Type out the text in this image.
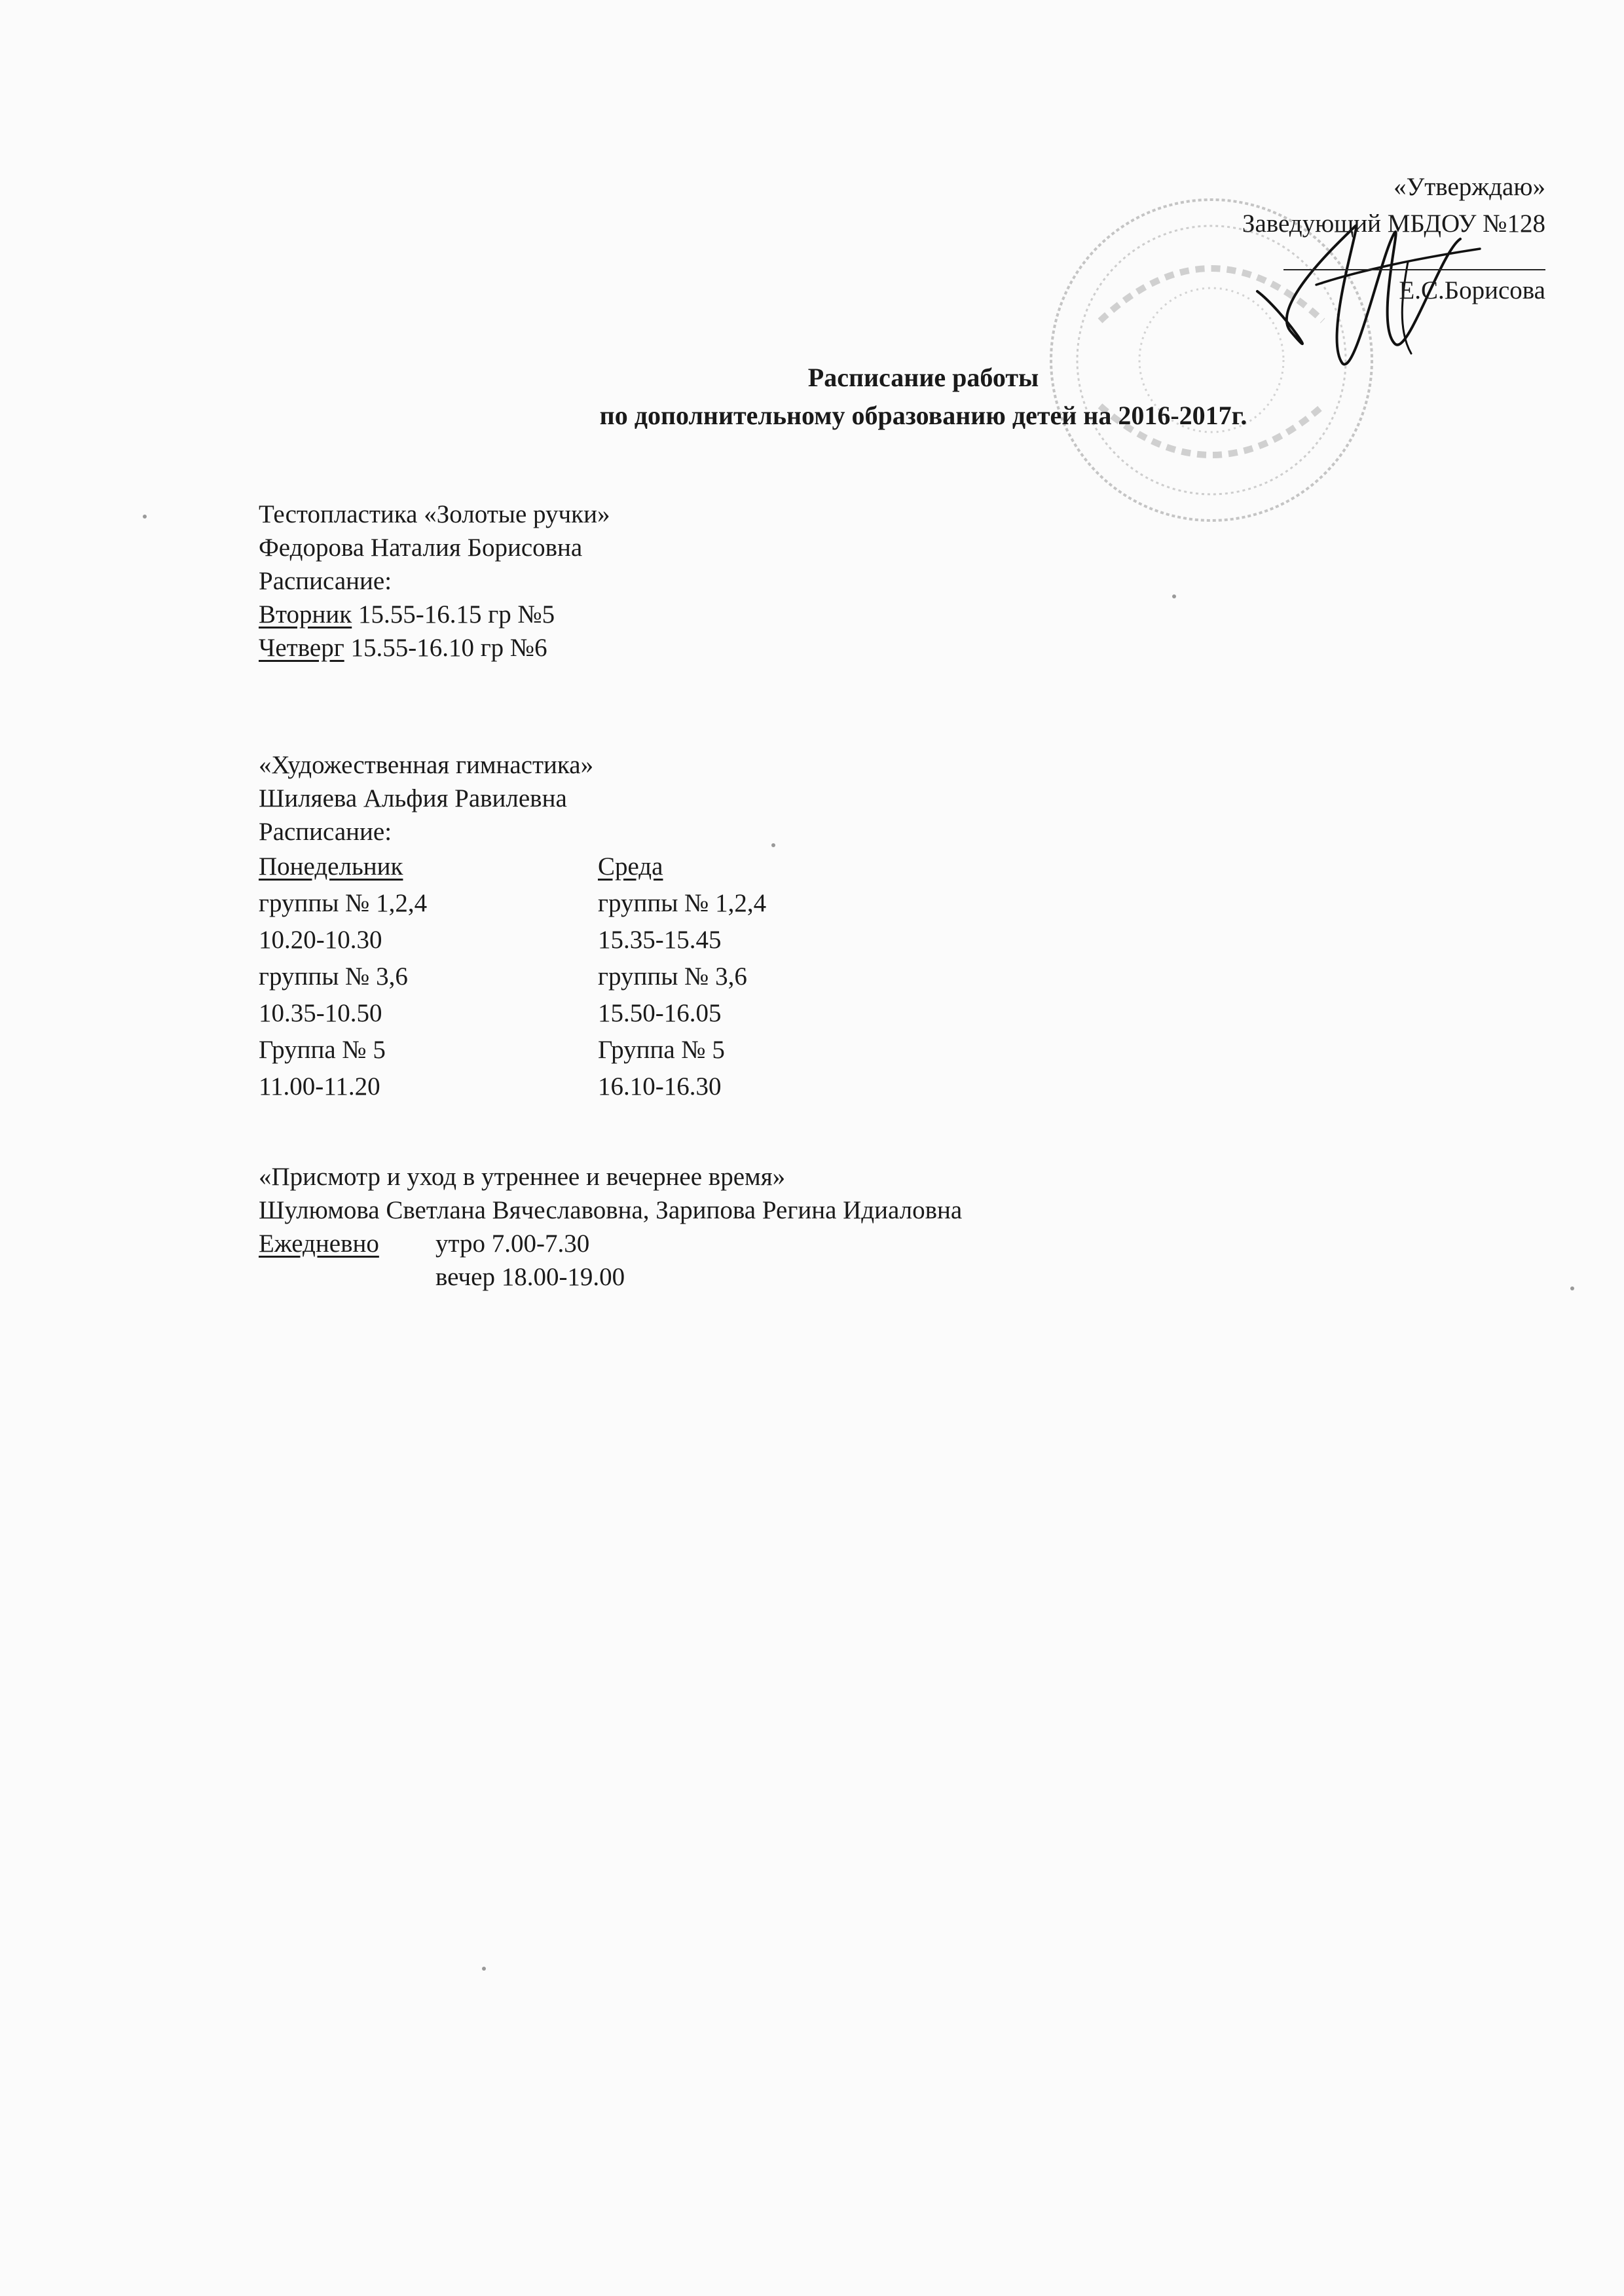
«Утверждаю»
Заведующий МБДОУ №128
Е.С.Борисова
Расписание работы
по дополнительному образованию детей на 2016-2017г.
Тестопластика «Золотые ручки»
Федорова Наталия Борисовна
Расписание:
Вторник 15.55-16.15 гр №5
Четверг 15.55-16.10 гр №6
«Художественная гимнастика»
Шиляева Альфия Равилевна
Расписание:
Понедельник
группы № 1,2,4
10.20-10.30
группы № 3,6
10.35-10.50
Группа № 5
11.00-11.20
Среда
группы № 1,2,4
15.35-15.45
группы № 3,6
15.50-16.05
Группа № 5
16.10-16.30
«Присмотр и уход в утреннее и вечернее время»
Шулюмова Светлана Вячеславовна, Зарипова Регина Идиаловна
Ежедневно утро 7.00-7.30
вечер 18.00-19.00
